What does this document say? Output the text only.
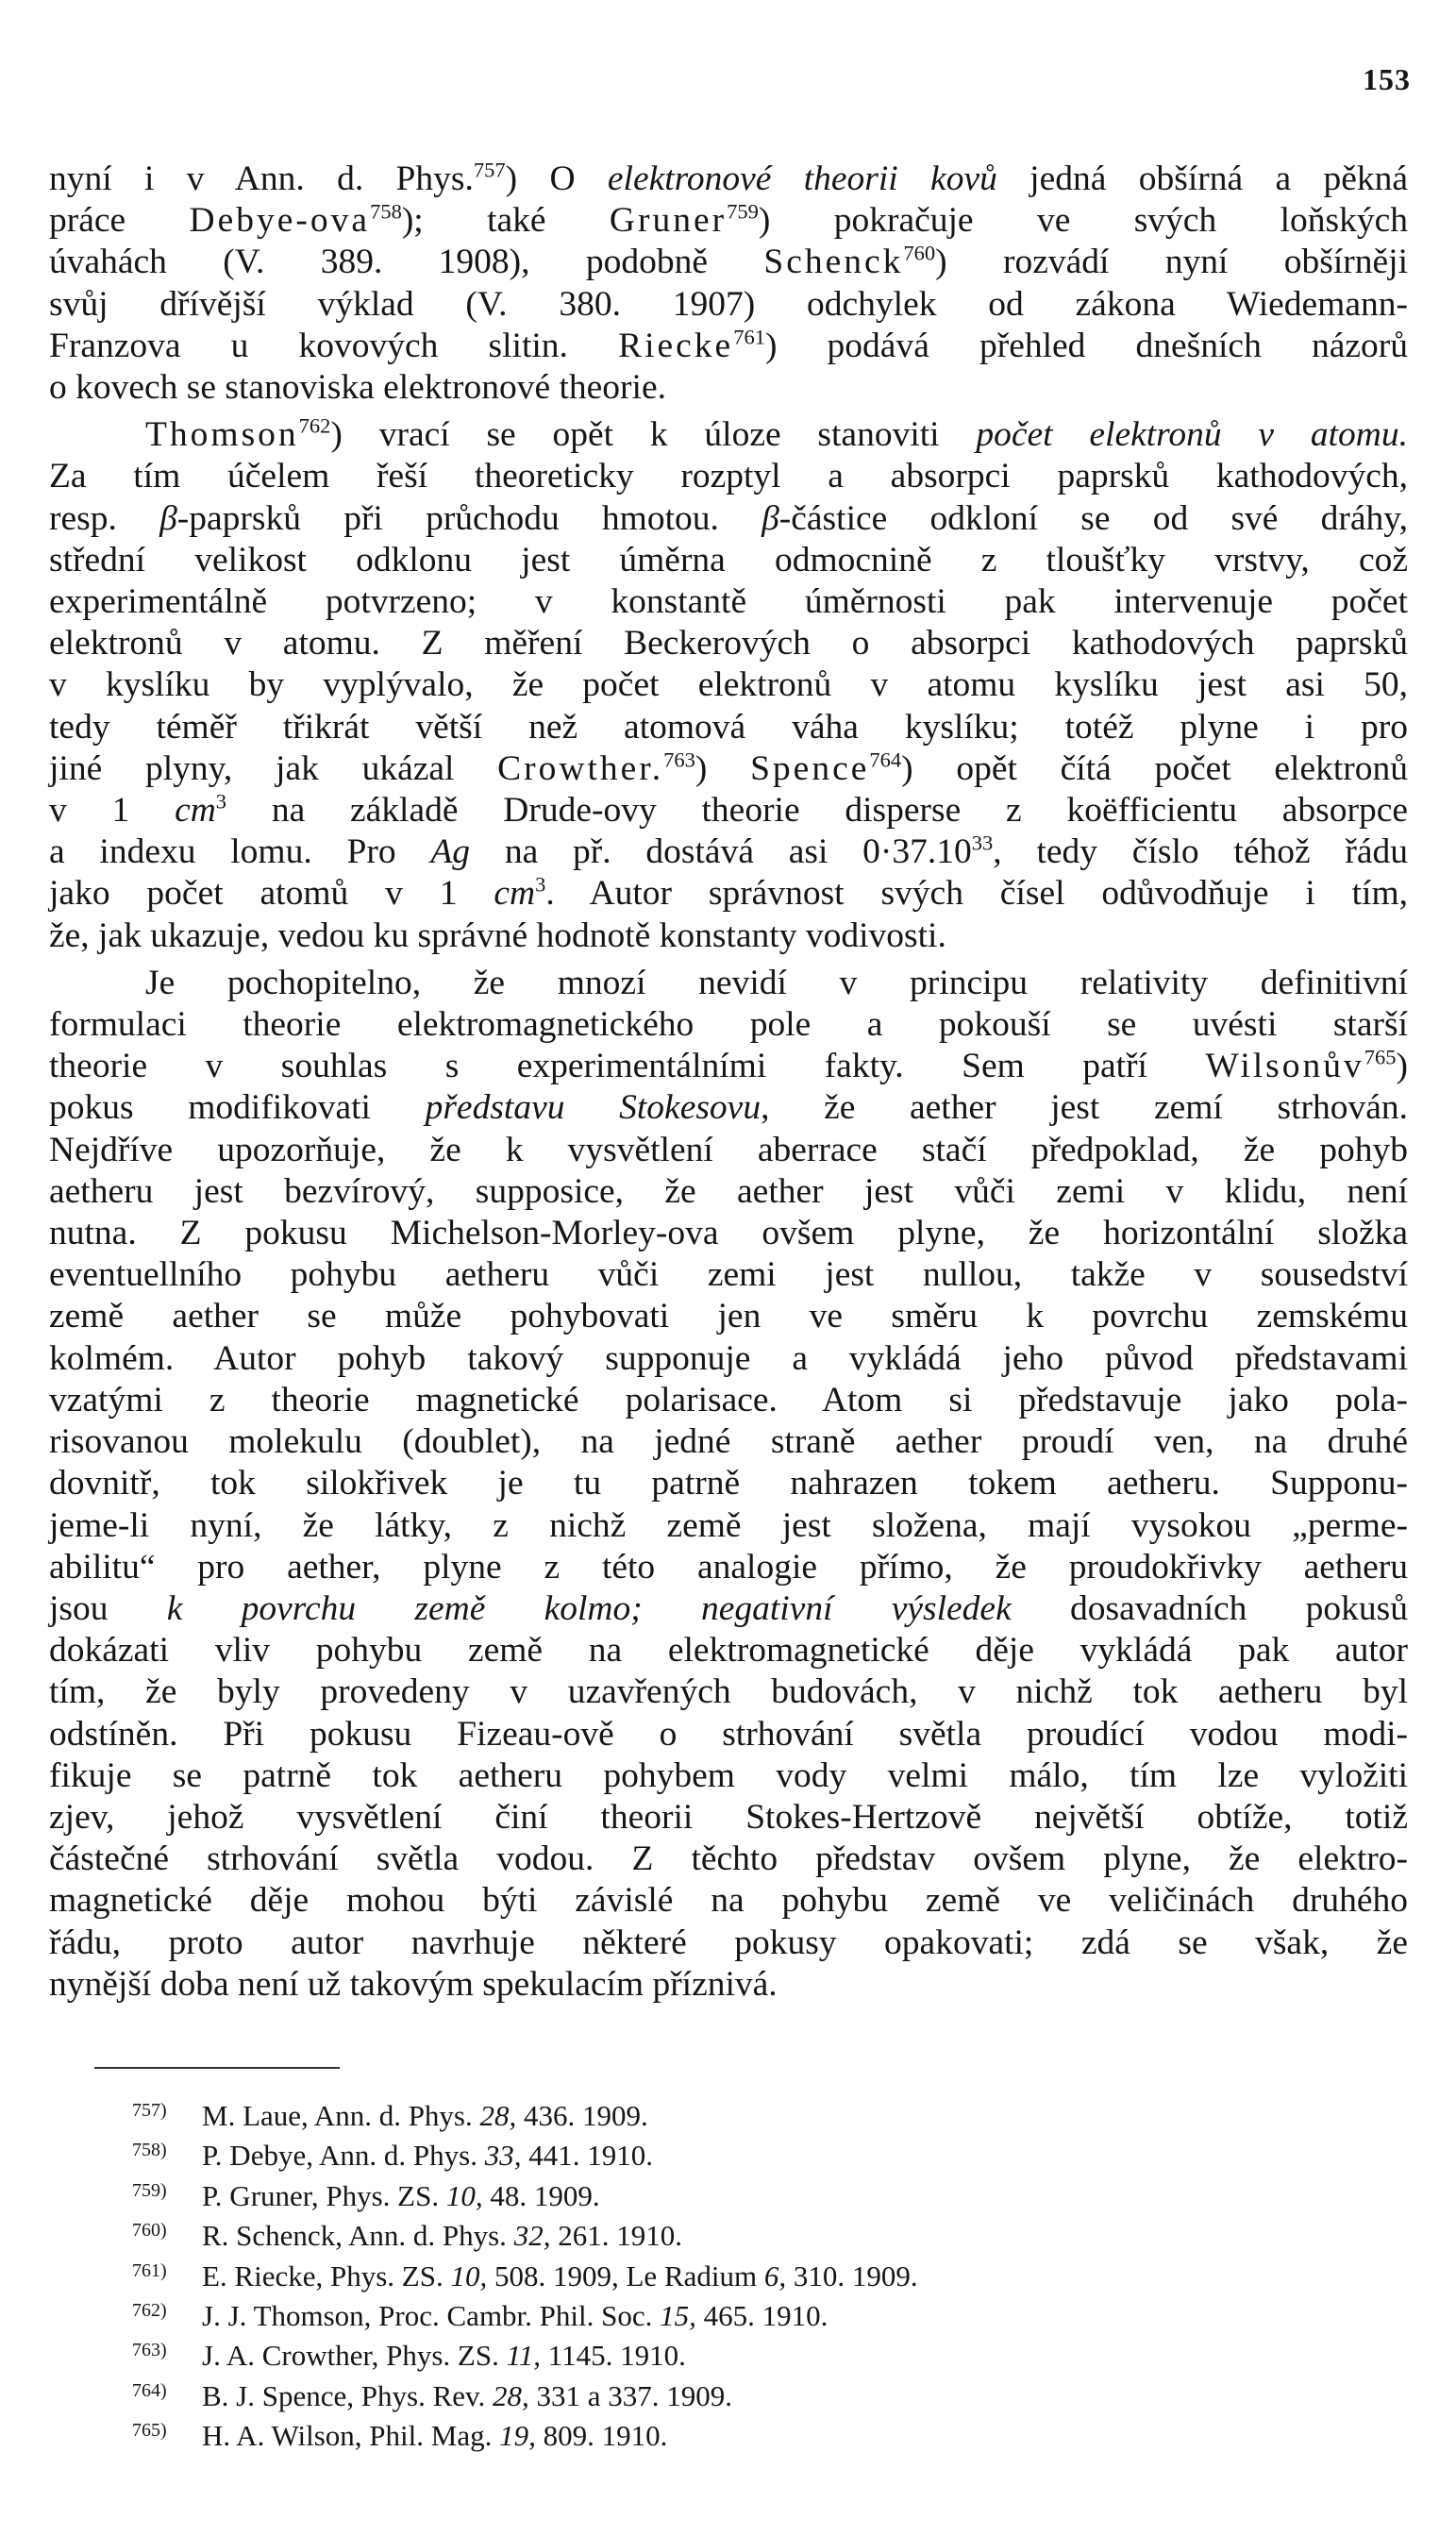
153
nyní i v Ann. d. Phys.$^{757}$) O elektronové theorii kovů jedná obšírná a pěkná
práce Debye-ova$^{758}$); také Gruner$^{759}$) pokračuje ve svých loňských
úvahách (V. 389. 1908), podobně Schenck$^{760}$) rozvádí nyní obšírněji
svůj dřívější výklad (V. 380. 1907) odchylek od zákona Wiedemann-
Franzova u kovových slitin. Riecke$^{761}$) podává přehled dnešních názorů
o kovech se stanoviska elektronové theorie.
Thomson$^{762}$) vrací se opět k úloze stanoviti počet elektronů v atomu.
Za tím účelem řeší theoreticky rozptyl a absorpci paprsků kathodových,
resp. β-paprsků při průchodu hmotou. β-částice odkloní se od své dráhy,
střední velikost odklonu jest úměrna odmocnině z tloušťky vrstvy, což
experimentálně potvrzeno; v konstantě úměrnosti pak intervenuje počet
elektronů v atomu. Z měření Beckerových o absorpci kathodových paprsků
v kyslíku by vyplývalo, že počet elektronů v atomu kyslíku jest asi 50,
tedy téměř třikrát větší než atomová váha kyslíku; totéž plyne i pro
jiné plyny, jak ukázal Crowther.$^{763}$) Spence$^{764}$) opět čítá počet elektronů
v 1 $cm^3$ na základě Drude-ovy theorie disperse z koëfficientu absorpce
a indexu lomu. Pro Ag na př. dostává asi $0\cdot 37.10^{33}$, tedy číslo téhož řádu
jako počet atomů v 1 $cm^3$. Autor správnost svých čísel odůvodňuje i tím,
že, jak ukazuje, vedou ku správné hodnotě konstanty vodivosti.
Je pochopitelno, že mnozí nevidí v principu relativity definitivní
formulaci theorie elektromagnetického pole a pokouší se uvésti starší
theorie v souhlas s experimentálními fakty. Sem patří Wilsonův$^{765}$)
pokus modifikovati představu Stokesovu, že aether jest zemí strhován.
Nejdříve upozorňuje, že k vysvětlení aberrace stačí předpoklad, že pohyb
aetheru jest bezvírový, supposice, že aether jest vůči zemi v klidu, není
nutna. Z pokusu Michelson-Morley-ova ovšem plyne, že horizontální složka
eventuellního pohybu aetheru vůči zemi jest nullou, takže v sousedství
země aether se může pohybovati jen ve směru k povrchu zemskému
kolmém. Autor pohyb takový supponuje a vykládá jeho původ představami
vzatými z theorie magnetické polarisace. Atom si představuje jako pola-
risovanou molekulu (doublet), na jedné straně aether proudí ven, na druhé
dovnitř, tok silokřivek je tu patrně nahrazen tokem aetheru. Supponu-
jeme-li nyní, že látky, z nichž země jest složena, mají vysokou „perme-
abilitu“ pro aether, plyne z této analogie přímo, že proudokřivky aetheru
jsou k povrchu země kolmo; negativní výsledek dosavadních pokusů
dokázati vliv pohybu země na elektromagnetické děje vykládá pak autor
tím, že byly provedeny v uzavřených budovách, v nichž tok aetheru byl
odstíněn. Při pokusu Fizeau-ově o strhování světla proudící vodou modi-
fikuje se patrně tok aetheru pohybem vody velmi málo, tím lze vyložiti
zjev, jehož vysvětlení činí theorii Stokes-Hertzově největší obtíže, totiž
částečné strhování světla vodou. Z těchto představ ovšem plyne, že elektro-
magnetické děje mohou býti závislé na pohybu země ve veličinách druhého
řádu, proto autor navrhuje některé pokusy opakovati; zdá se však, že
nynější doba není už takovým spekulacím příznivá.
757) M. Laue, Ann. d. Phys. 28, 436. 1909.
758) P. Debye, Ann. d. Phys. 33, 441. 1910.
759) P. Gruner, Phys. ZS. 10, 48. 1909.
760) R. Schenck, Ann. d. Phys. 32, 261. 1910.
761) E. Riecke, Phys. ZS. 10, 508. 1909, Le Radium 6, 310. 1909.
762) J. J. Thomson, Proc. Cambr. Phil. Soc. 15, 465. 1910.
763) J. A. Crowther, Phys. ZS. 11, 1145. 1910.
764) B. J. Spence, Phys. Rev. 28, 331 a 337. 1909.
765) H. A. Wilson, Phil. Mag. 19, 809. 1910.
